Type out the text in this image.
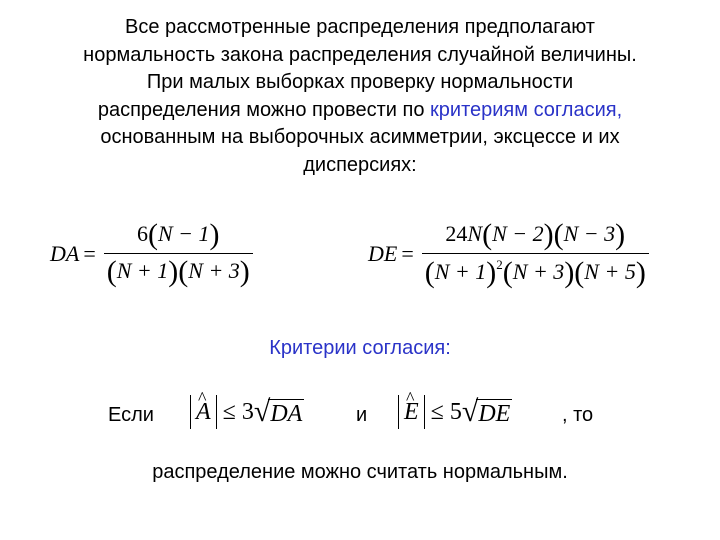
Все рассмотренные распределения предполагают
нормальность закона распределения случайной величины.
При малых выборках проверку нормальности
распределения можно провести по критериям согласия,
основанным на выборочных асимметрии, эксцессе и их
дисперсиях:
DA = $\frac{6(N - 1)}{(N + 1)(N + 3)}$	DE = $\frac{24N(N - 2)(N - 3)}{(N + 1)^2(N + 3)(N + 5)}$
Критерии согласия:
Если ^ A ≤ 3 √ DA	и ^ E ≤ 5 √ DE	, то
распределение можно считать нормальным.
